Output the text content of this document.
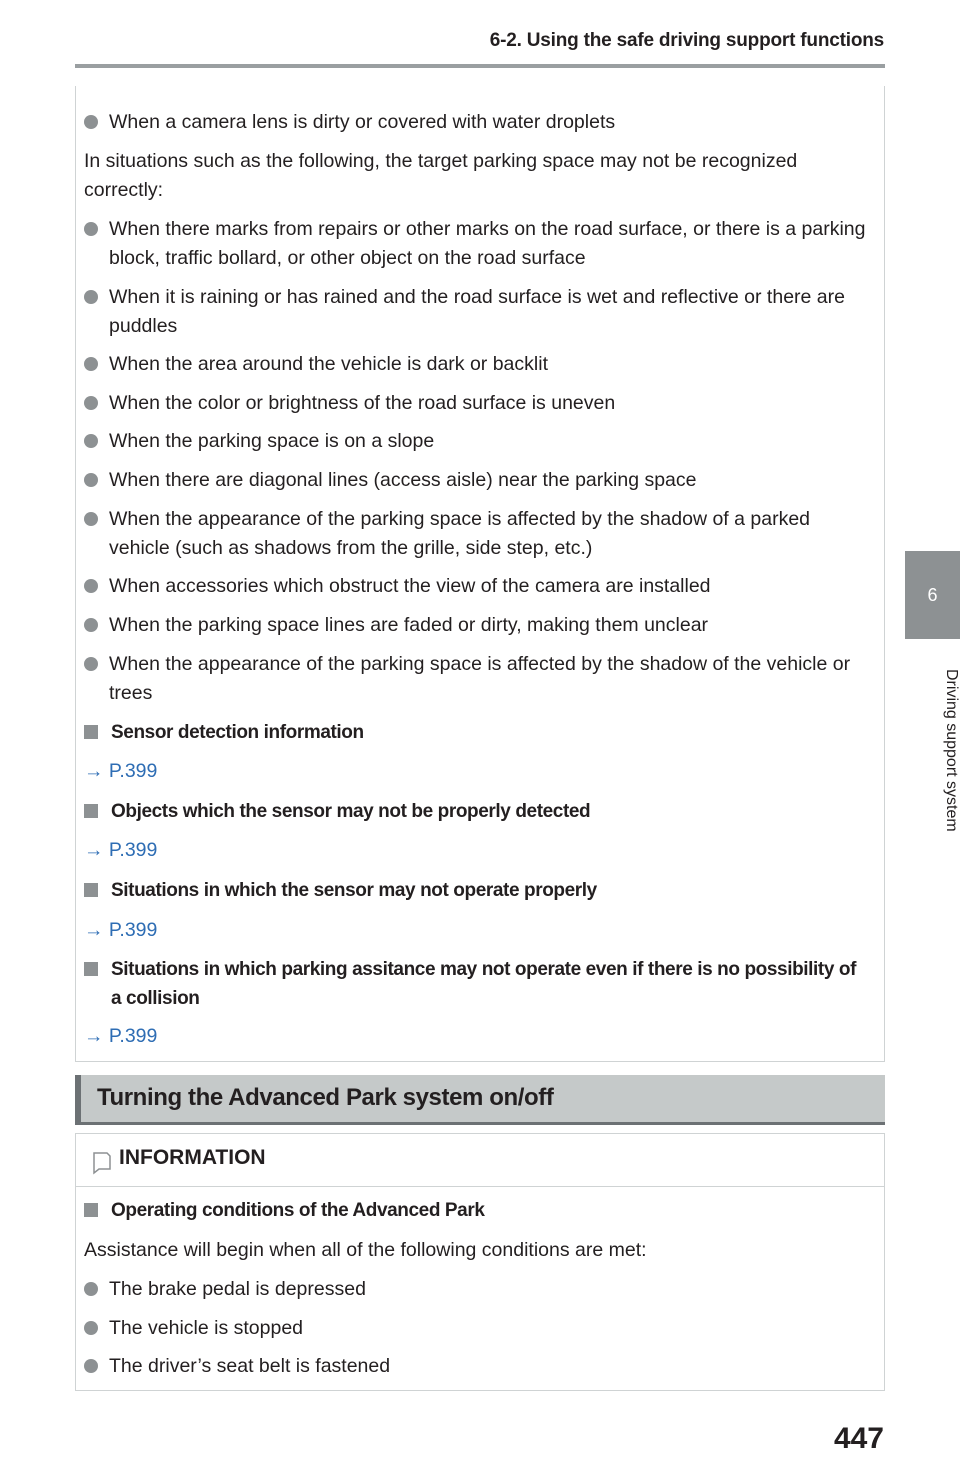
6-2. Using the safe driving support functions
6
Driving support system
When a camera lens is dirty or covered with water droplets
In situations such as the following, the target parking space may not be recognized correctly:
When there marks from repairs or other marks on the road surface, or there is a parking block, traffic bollard, or other object on the road surface
When it is raining or has rained and the road surface is wet and reflective or there are puddles
When the area around the vehicle is dark or backlit
When the color or brightness of the road surface is uneven
When the parking space is on a slope
When there are diagonal lines (access aisle) near the parking space
When the appearance of the parking space is affected by the shadow of a parked vehicle (such as shadows from the grille, side step, etc.)
When accessories which obstruct the view of the camera are installed
When the parking space lines are faded or dirty, making them unclear
When the appearance of the parking space is affected by the shadow of the vehicle or trees
Sensor detection information
→ P.399
Objects which the sensor may not be properly detected
→ P.399
Situations in which the sensor may not operate properly
→ P.399
Situations in which parking assitance may not operate even if there is no possibility of a collision
→ P.399
Turning the Advanced Park system on/off
INFORMATION
Operating conditions of the Advanced Park
Assistance will begin when all of the following conditions are met:
The brake pedal is depressed
The vehicle is stopped
The driver’s seat belt is fastened
447
